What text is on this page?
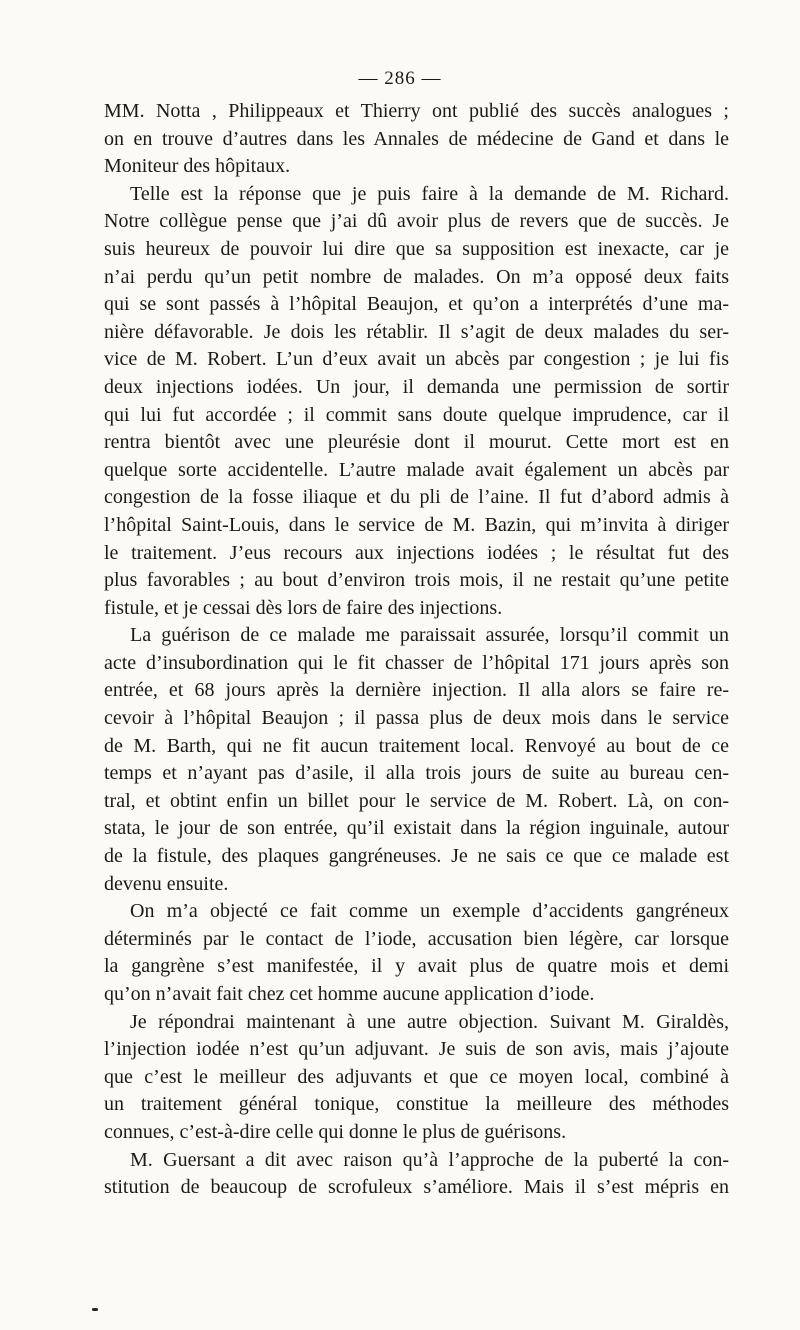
— 286 —
MM. Notta , Philippeaux et Thierry ont publié des succès analogues ;
on en trouve d’autres dans les Annales de médecine de Gand et dans le
Moniteur des hôpitaux.
Telle est la réponse que je puis faire à la demande de M. Richard.
Notre collègue pense que j’ai dû avoir plus de revers que de succès. Je
suis heureux de pouvoir lui dire que sa supposition est inexacte, car je
n’ai perdu qu’un petit nombre de malades. On m’a opposé deux faits
qui se sont passés à l’hôpital Beaujon, et qu’on a interprétés d’une ma-
nière défavorable. Je dois les rétablir. Il s’agit de deux malades du ser-
vice de M. Robert. L’un d’eux avait un abcès par congestion ; je lui fis
deux injections iodées. Un jour, il demanda une permission de sortir
qui lui fut accordée ; il commit sans doute quelque imprudence, car il
rentra bientôt avec une pleurésie dont il mourut. Cette mort est en
quelque sorte accidentelle. L’autre malade avait également un abcès par
congestion de la fosse iliaque et du pli de l’aine. Il fut d’abord admis à
l’hôpital Saint-Louis, dans le service de M. Bazin, qui m’invita à diriger
le traitement. J’eus recours aux injections iodées ; le résultat fut des
plus favorables ; au bout d’environ trois mois, il ne restait qu’une petite
fistule, et je cessai dès lors de faire des injections.
La guérison de ce malade me paraissait assurée, lorsqu’il commit un
acte d’insubordination qui le fit chasser de l’hôpital 171 jours après son
entrée, et 68 jours après la dernière injection. Il alla alors se faire re-
cevoir à l’hôpital Beaujon ; il passa plus de deux mois dans le service
de M. Barth, qui ne fit aucun traitement local. Renvoyé au bout de ce
temps et n’ayant pas d’asile, il alla trois jours de suite au bureau cen-
tral, et obtint enfin un billet pour le service de M. Robert. Là, on con-
stata, le jour de son entrée, qu’il existait dans la région inguinale, autour
de la fistule, des plaques gangréneuses. Je ne sais ce que ce malade est
devenu ensuite.
On m’a objecté ce fait comme un exemple d’accidents gangréneux
déterminés par le contact de l’iode, accusation bien légère, car lorsque
la gangrène s’est manifestée, il y avait plus de quatre mois et demi
qu’on n’avait fait chez cet homme aucune application d’iode.
Je répondrai maintenant à une autre objection. Suivant M. Giraldès,
l’injection iodée n’est qu’un adjuvant. Je suis de son avis, mais j’ajoute
que c’est le meilleur des adjuvants et que ce moyen local, combiné à
un traitement général tonique, constitue la meilleure des méthodes
connues, c’est-à-dire celle qui donne le plus de guérisons.
M. Guersant a dit avec raison qu’à l’approche de la puberté la con-
stitution de beaucoup de scrofuleux s’améliore. Mais il s’est mépris en
